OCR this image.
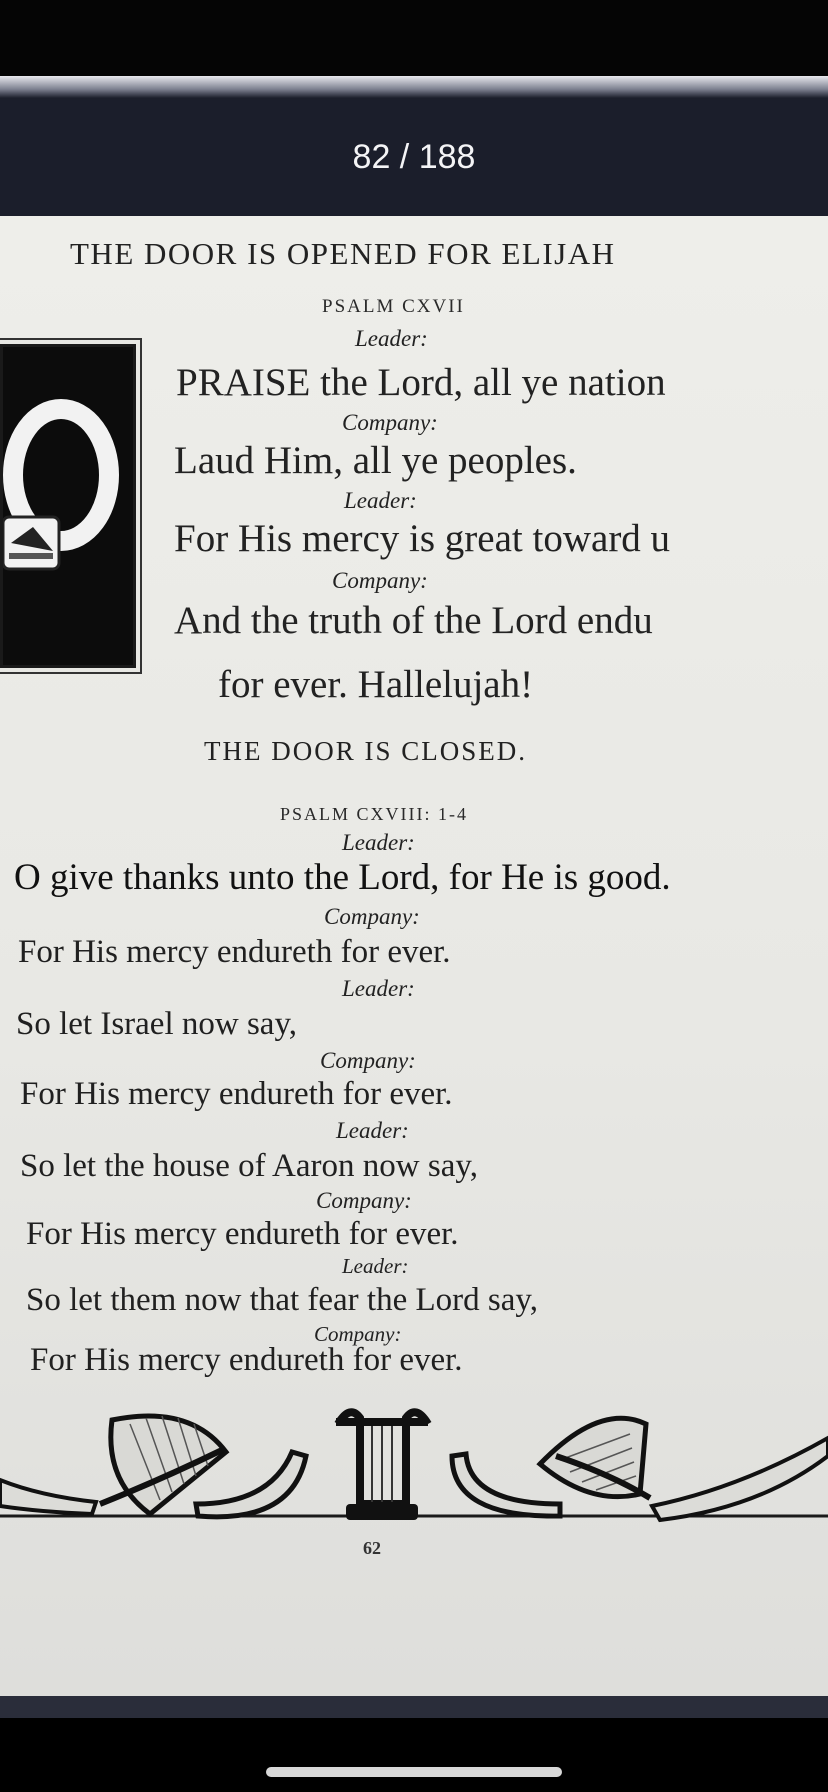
82 / 188
THE DOOR IS OPENED FOR ELIJAH
PSALM CXVII
Leader:
PRAISE the Lord, all ye nation
Company:
Laud Him, all ye peoples.
Leader:
For His mercy is great toward u
Company:
And the truth of the Lord endu
for ever. Hallelujah!
THE DOOR IS CLOSED.
PSALM CXVIII: 1-4
Leader:
O give thanks unto the Lord, for He is good.
Company:
For His mercy endureth for ever.
Leader:
So let Israel now say,
Company:
For His mercy endureth for ever.
Leader:
So let the house of Aaron now say,
Company:
For His mercy endureth for ever.
Leader:
So let them now that fear the Lord say,
Company:
For His mercy endureth for ever.
62
